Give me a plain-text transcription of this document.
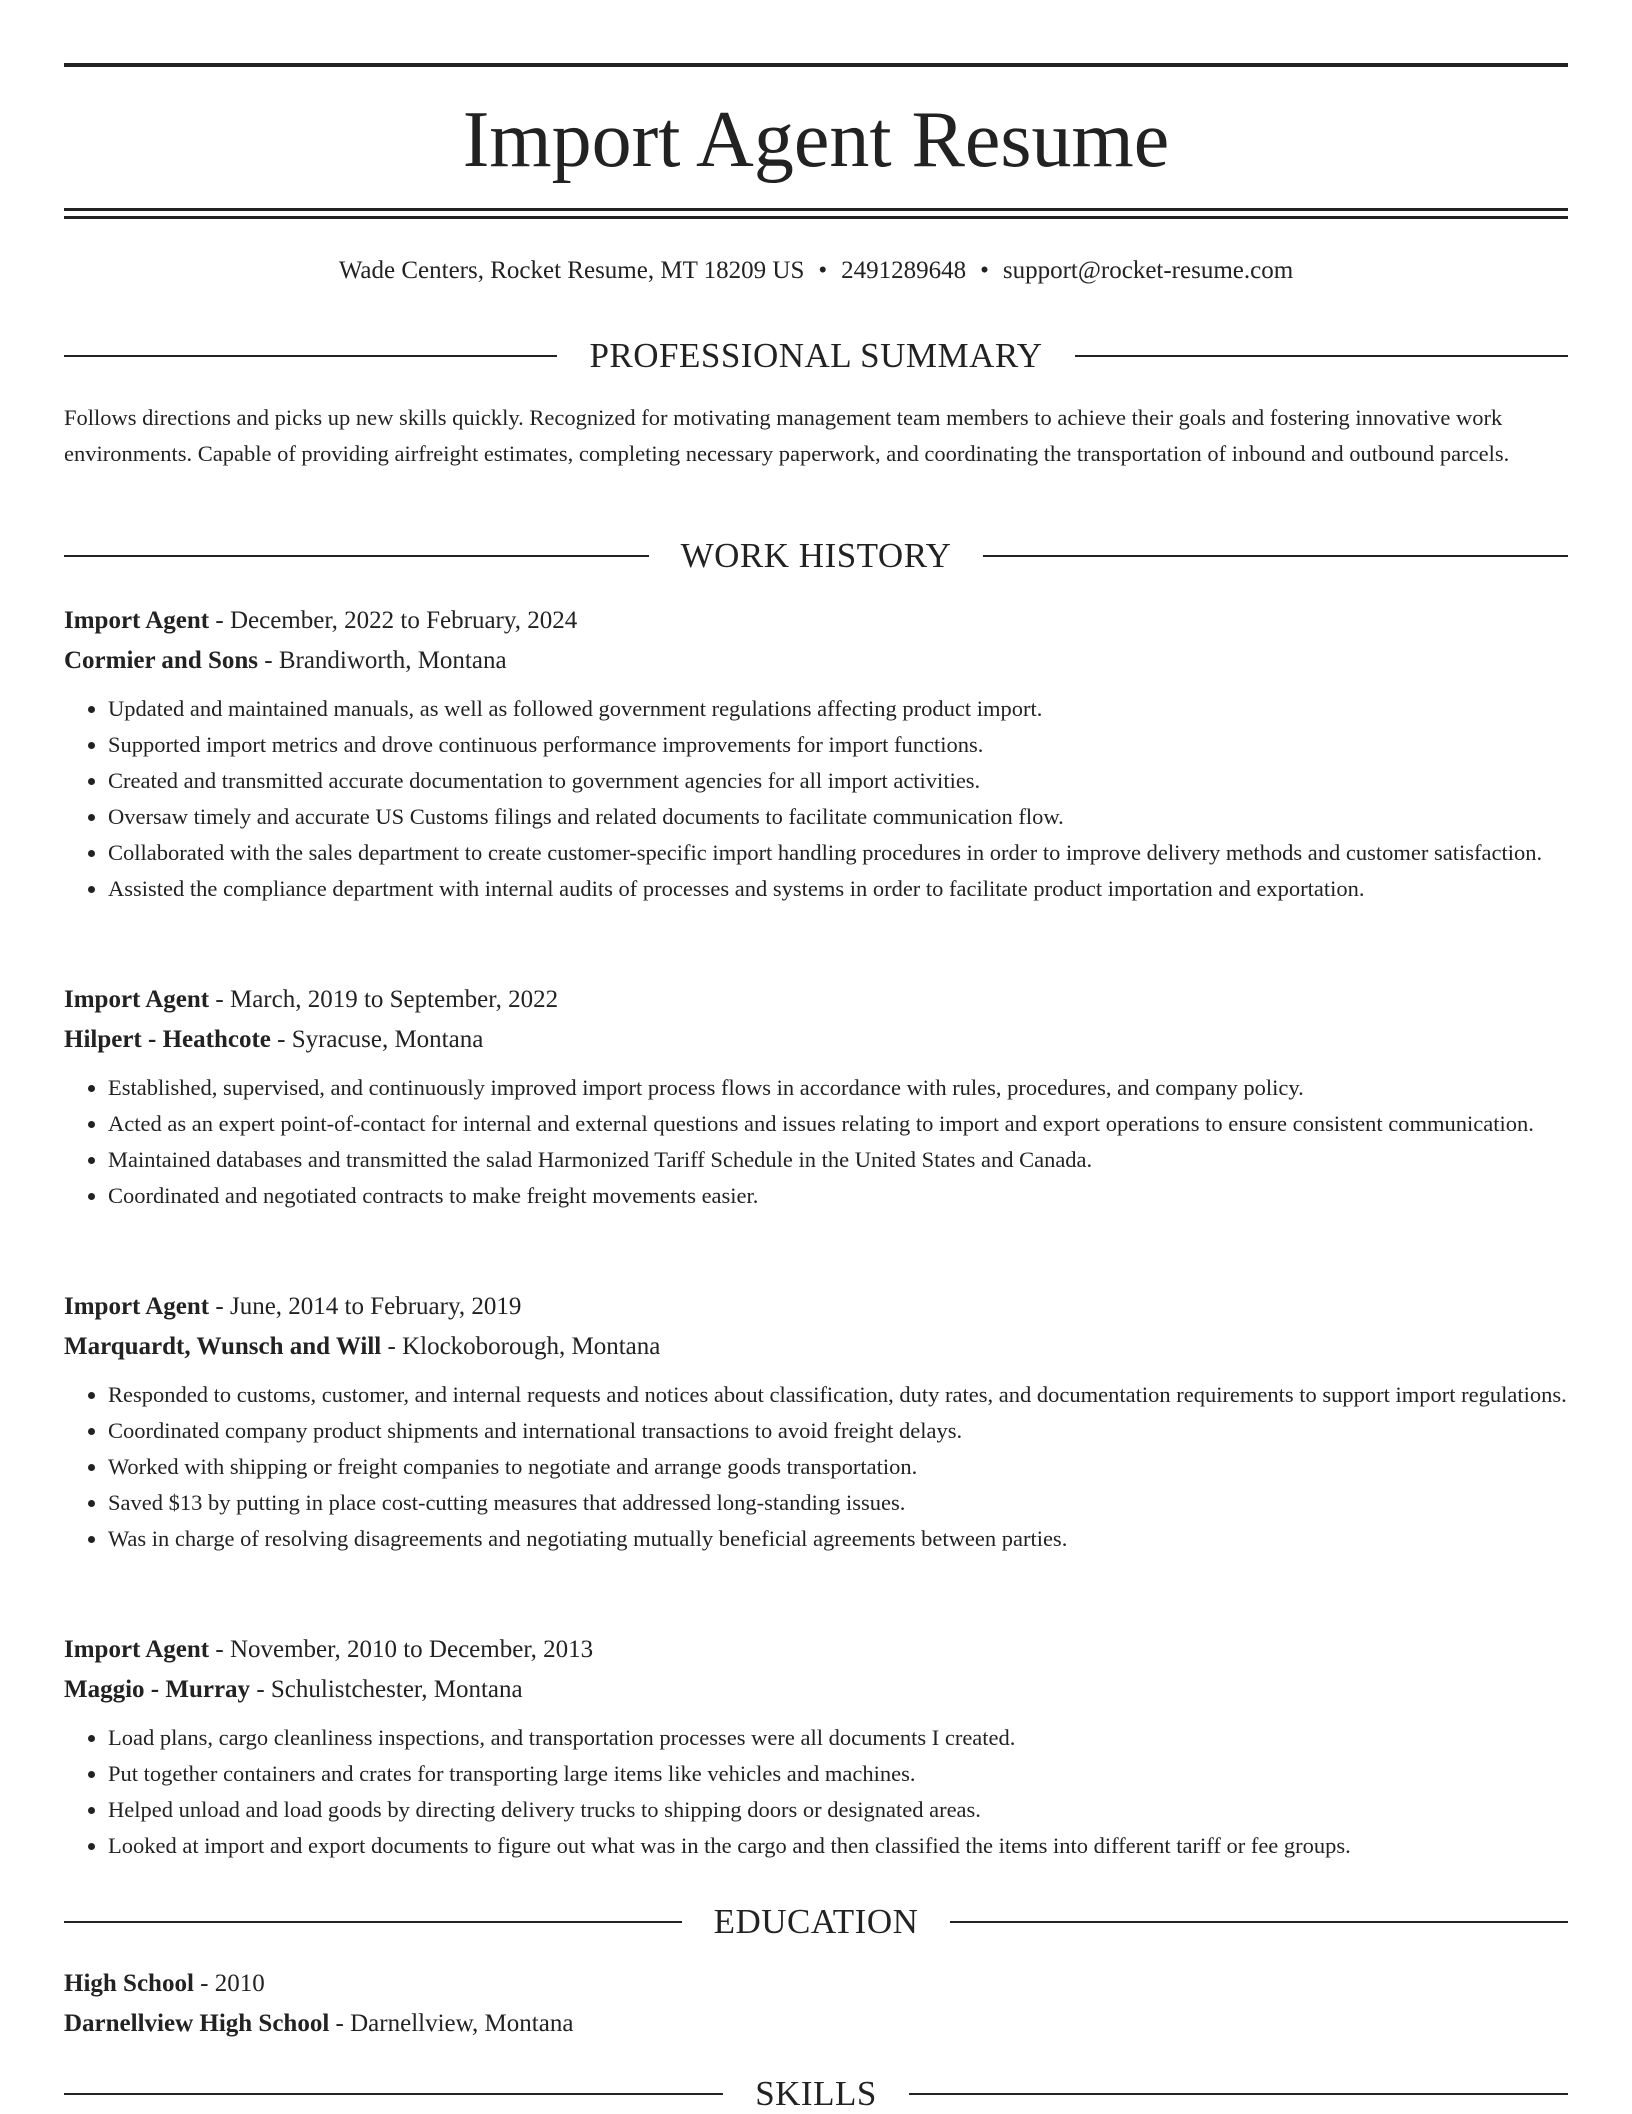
Import Agent Resume
Wade Centers, Rocket Resume, MT 18209 US • 2491289648 • support@rocket-resume.com
PROFESSIONAL SUMMARY

Follows directions and picks up new skills quickly. Recognized for motivating management team members to achieve their goals and fostering innovative work environments. Capable of providing airfreight estimates, completing necessary paperwork, and coordinating the transportation of inbound and outbound parcels.

WORK HISTORY

Import Agent - December, 2022 to February, 2024

Cormier and Sons - Brandiworth, Montana

• Updated and maintained manuals, as well as followed government regulations affecting product import.
• Supported import metrics and drove continuous performance improvements for import functions.
• Created and transmitted accurate documentation to government agencies for all import activities.
• Oversaw timely and accurate US Customs filings and related documents to facilitate communication flow.
• Collaborated with the sales department to create customer-specific import handling procedures in order to improve delivery methods and customer satisfaction.
• Assisted the compliance department with internal audits of processes and systems in order to facilitate product importation and exportation.

Import Agent - March, 2019 to September, 2022

Hilpert - Heathcote - Syracuse, Montana

• Established, supervised, and continuously improved import process flows in accordance with rules, procedures, and company policy.
• Acted as an expert point-of-contact for internal and external questions and issues relating to import and export operations to ensure consistent communication.
• Maintained databases and transmitted the salad Harmonized Tariff Schedule in the United States and Canada.
• Coordinated and negotiated contracts to make freight movements easier.

Import Agent - June, 2014 to February, 2019

Marquardt, Wunsch and Will - Klockoborough, Montana

• Responded to customs, customer, and internal requests and notices about classification, duty rates, and documentation requirements to support import regulations.
• Coordinated company product shipments and international transactions to avoid freight delays.
• Worked with shipping or freight companies to negotiate and arrange goods transportation.
• Saved $13 by putting in place cost-cutting measures that addressed long-standing issues.
• Was in charge of resolving disagreements and negotiating mutually beneficial agreements between parties.

Import Agent - November, 2010 to December, 2013

Maggio - Murray - Schulistchester, Montana

• Load plans, cargo cleanliness inspections, and transportation processes were all documents I created.
• Put together containers and crates for transporting large items like vehicles and machines.
• Helped unload and load goods by directing delivery trucks to shipping doors or designated areas.
• Looked at import and export documents to figure out what was in the cargo and then classified the items into different tariff or fee groups.
EDUCATION

High School - 2010

Darnellview High School - Darnellview, Montana

SKILLS
